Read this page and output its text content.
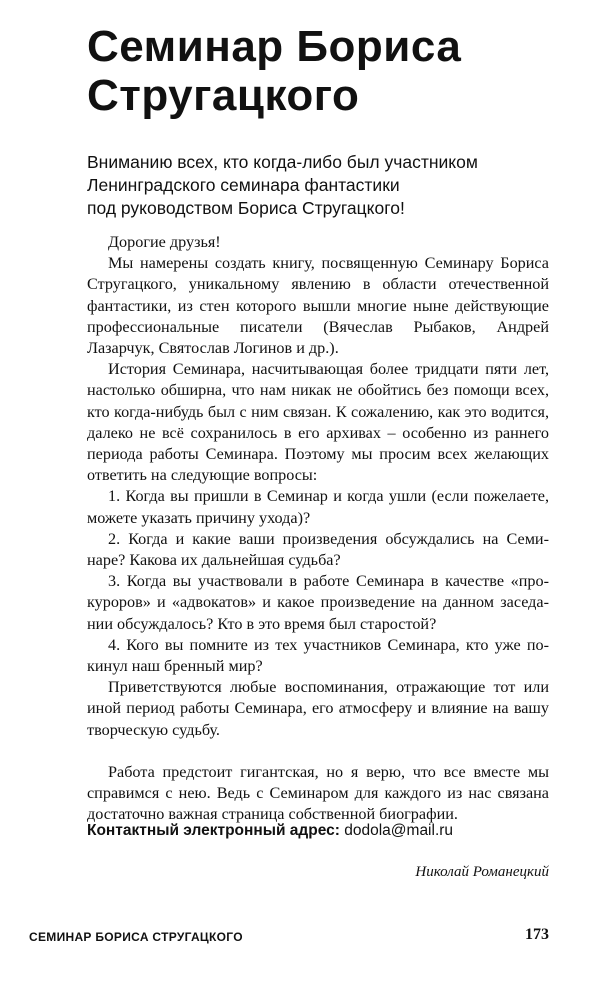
Семинар Бориса
Стругацкого
Вниманию всех, кто когда-либо был участником
Ленинградского семинара фантастики
под руководством Бориса Стругацкого!

Дорогие друзья!

Мы намерены создать книгу, посвященную Семинару Бориса Стругацкого, уникальному явлению в области отечественной фантастики, из стен которого вышли многие ныне действующие профессиональные писатели (Вячеслав Рыбаков, Андрей Лазарчук, Святослав Логинов и др.).

История Семинара, насчитывающая более тридцати пяти лет, настолько обширна, что нам никак не обойтись без помощи всех, кто когда-нибудь был с ним связан. К сожалению, как это водится, далеко не всё сохранилось в его архивах – особенно из раннего периода работы Семинара. Поэтому мы просим всех желающих ответить на следующие вопросы:

1. Когда вы пришли в Семинар и когда ушли (если пожелаете, можете указать причину ухода)?

2. Когда и какие ваши произведения обсуждались на Семинаре? Какова их дальнейшая судьба?

3. Когда вы участвовали в работе Семинара в качестве «прокуроров» и «адвокатов» и какое произведение на данном заседании обсуждалось? Кто в это время был старостой?

4. Кого вы помните из тех участников Семинара, кто уже покинул наш бренный мир?

Приветствуются любые воспоминания, отражающие тот или иной период работы Семинара, его атмосферу и влияние на вашу творческую судьбу.

Работа предстоит гигантская, но я верю, что все вместе мы справимся с нею. Ведь с Семинаром для каждого из нас связана достаточно важная страница собственной биографии.

Контактный электронный адрес: dodola@mail.ru
Николай Романецкий
СЕМИНАР БОРИСА СТРУГАЦКОГО	173
